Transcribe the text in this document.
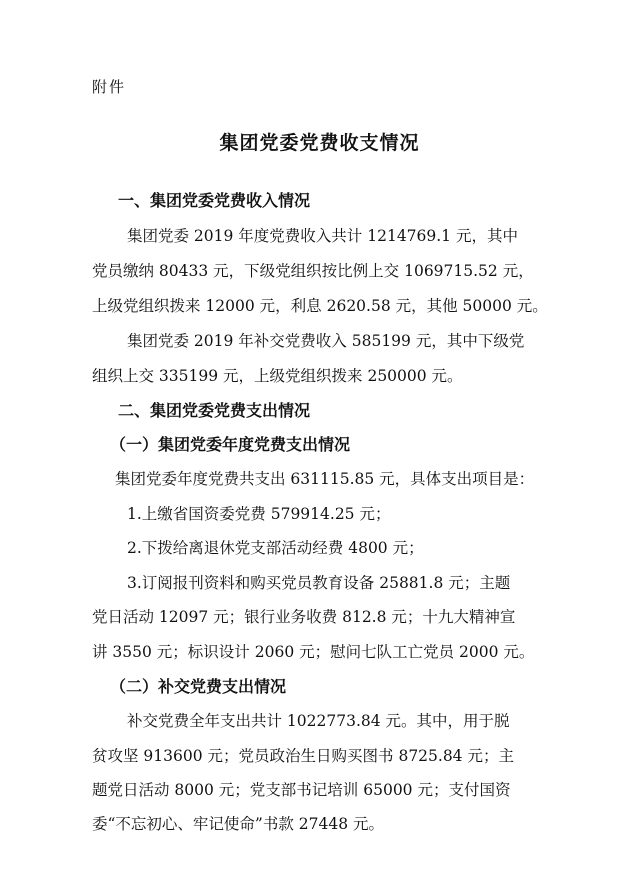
附件
集团党委党费收支情况
一、集团党委党费收入情况
集团党委 2019 年度党费收入共计 1214769.1 元，其中
党员缴纳 80433 元，下级党组织按比例上交 1069715.52 元，
上级党组织拨来 12000 元，利息 2620.58 元，其他 50000 元。
集团党委 2019 年补交党费收入 585199 元，其中下级党
组织上交 335199 元，上级党组织拨来 250000 元。
二、集团党委党费支出情况
（一）集团党委年度党费支出情况
集团党委年度党费共支出 631115.85 元，具体支出项目是：
1.上缴省国资委党费 579914.25 元；
2.下拨给离退休党支部活动经费 4800 元；
3.订阅报刊资料和购买党员教育设备 25881.8 元；主题
党日活动 12097 元；银行业务收费 812.8 元；十九大精神宣
讲 3550 元；标识设计 2060 元；慰问七队工亡党员 2000 元。
（二）补交党费支出情况
补交党费全年支出共计 1022773.84 元。其中，用于脱
贫攻坚 913600 元；党员政治生日购买图书 8725.84 元；主
题党日活动 8000 元；党支部书记培训 65000 元；支付国资
委“不忘初心、牢记使命”书款 27448 元。
